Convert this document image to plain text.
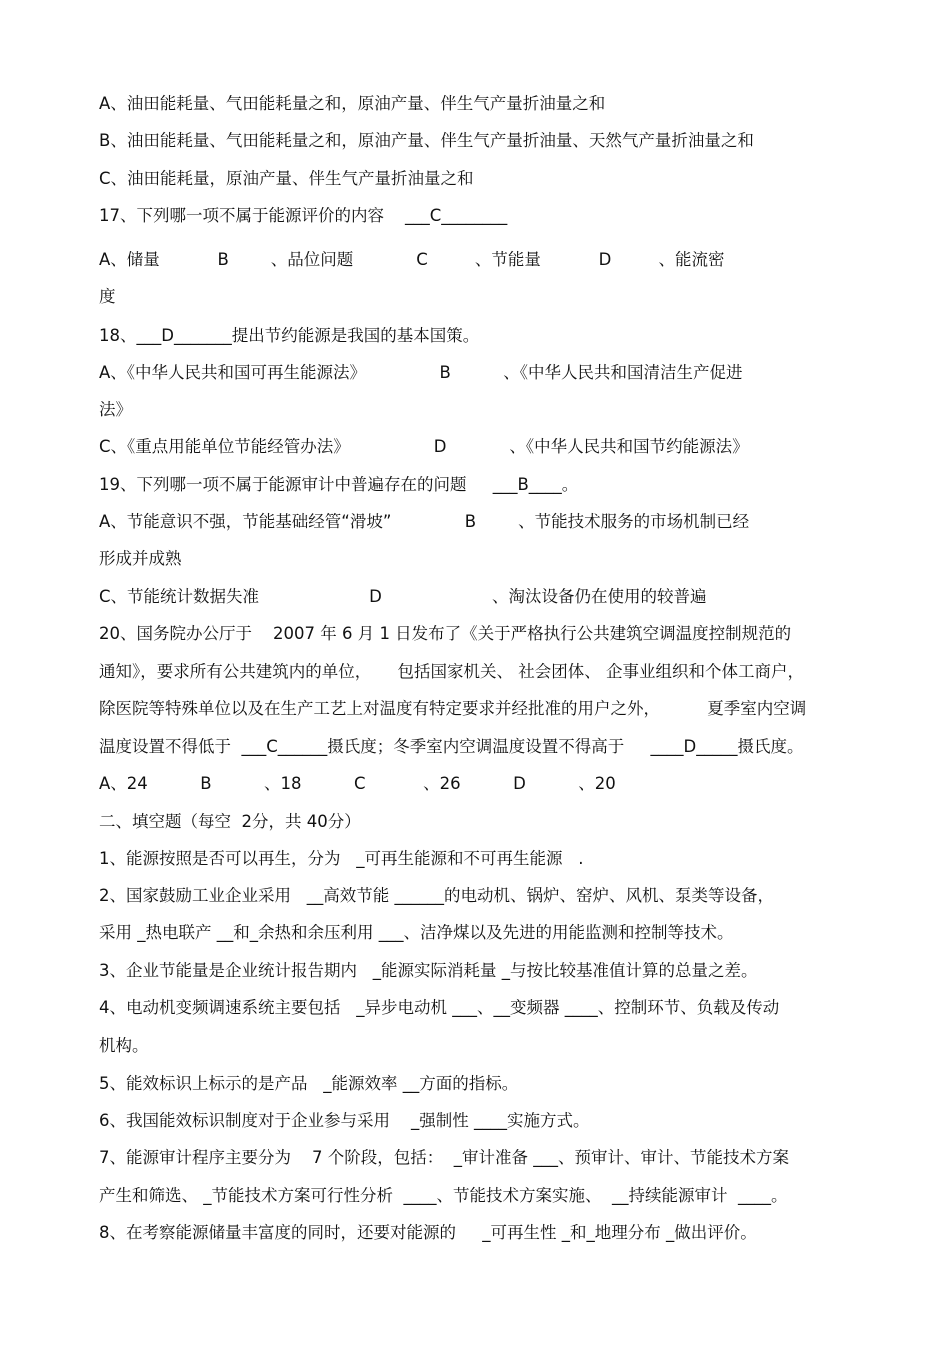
A、油田能耗量、气田能耗量之和，原油产量、伴生气产量折油量之和
B、油田能耗量、气田能耗量之和，原油产量、伴生气产量折油量、天然气产量折油量之和
C、油田能耗量，原油产量、伴生气产量折油量之和
17、下列哪一项不属于能源评价的内容    ___C________
A、储量           B        、品位问题            C         、节能量           D         、能流密
度
18、___D_______提出节约能源是我国的基本国策。
A、《中华人民共和国可再生能源法》              B          、《中华人民共和国清洁生产促进
法》
C、《重点用能单位节能经管办法》                D            、《中华人民共和国节约能源法》
19、下列哪一项不属于能源审计中普遍存在的问题     ___B____。
A、节能意识不强，节能基础经管“滑坡”              B        、节能技术服务的市场机制已经
形成并成熟
C、节能统计数据失准                     D                     、淘汰设备仍在使用的较普遍
20、国务院办公厅于    2007 年 6 月 1 日发布了《关于严格执行公共建筑空调温度控制规范的
通知》，要求所有公共建筑内的单位，     包括国家机关、 社会团体、 企事业组织和个体工商户，
除医院等特殊单位以及在生产工艺上对温度有特定要求并经批准的用户之外，         夏季室内空调
温度设置不得低于  ___C______摄氏度；冬季室内空调温度设置不得高于     ____D_____摄氏度。
A、24          B          、18          C           、26          D          、20
二、填空题（每空  2分，共 40分）
1、能源按照是否可以再生，分为   _可再生能源和不可再生能源   .
2、国家鼓励工业企业采用   __高效节能 ______的电动机、锅炉、窑炉、风机、泵类等设备，
采用 _热电联产 __和_余热和余压利用 ___、洁净煤以及先进的用能监测和控制等技术。
3、企业节能量是企业统计报告期内   _能源实际消耗量 _与按比较基准值计算的总量之差。
4、电动机变频调速系统主要包括   _异步电动机 ___、__变频器 ____、控制环节、负载及传动
机构。
5、能效标识上标示的是产品   _能源效率 __方面的指标。
6、我国能效标识制度对于企业参与采用    _强制性 ____实施方式。
7、能源审计程序主要分为    7 个阶段，包括：  _审计准备 ___、预审计、审计、节能技术方案
产生和筛选、 _节能技术方案可行性分析  ____、节能技术方案实施、  __持续能源审计  ____。
8、在考察能源储量丰富度的同时，还要对能源的     _可再生性 _和_地理分布 _做出评价。
